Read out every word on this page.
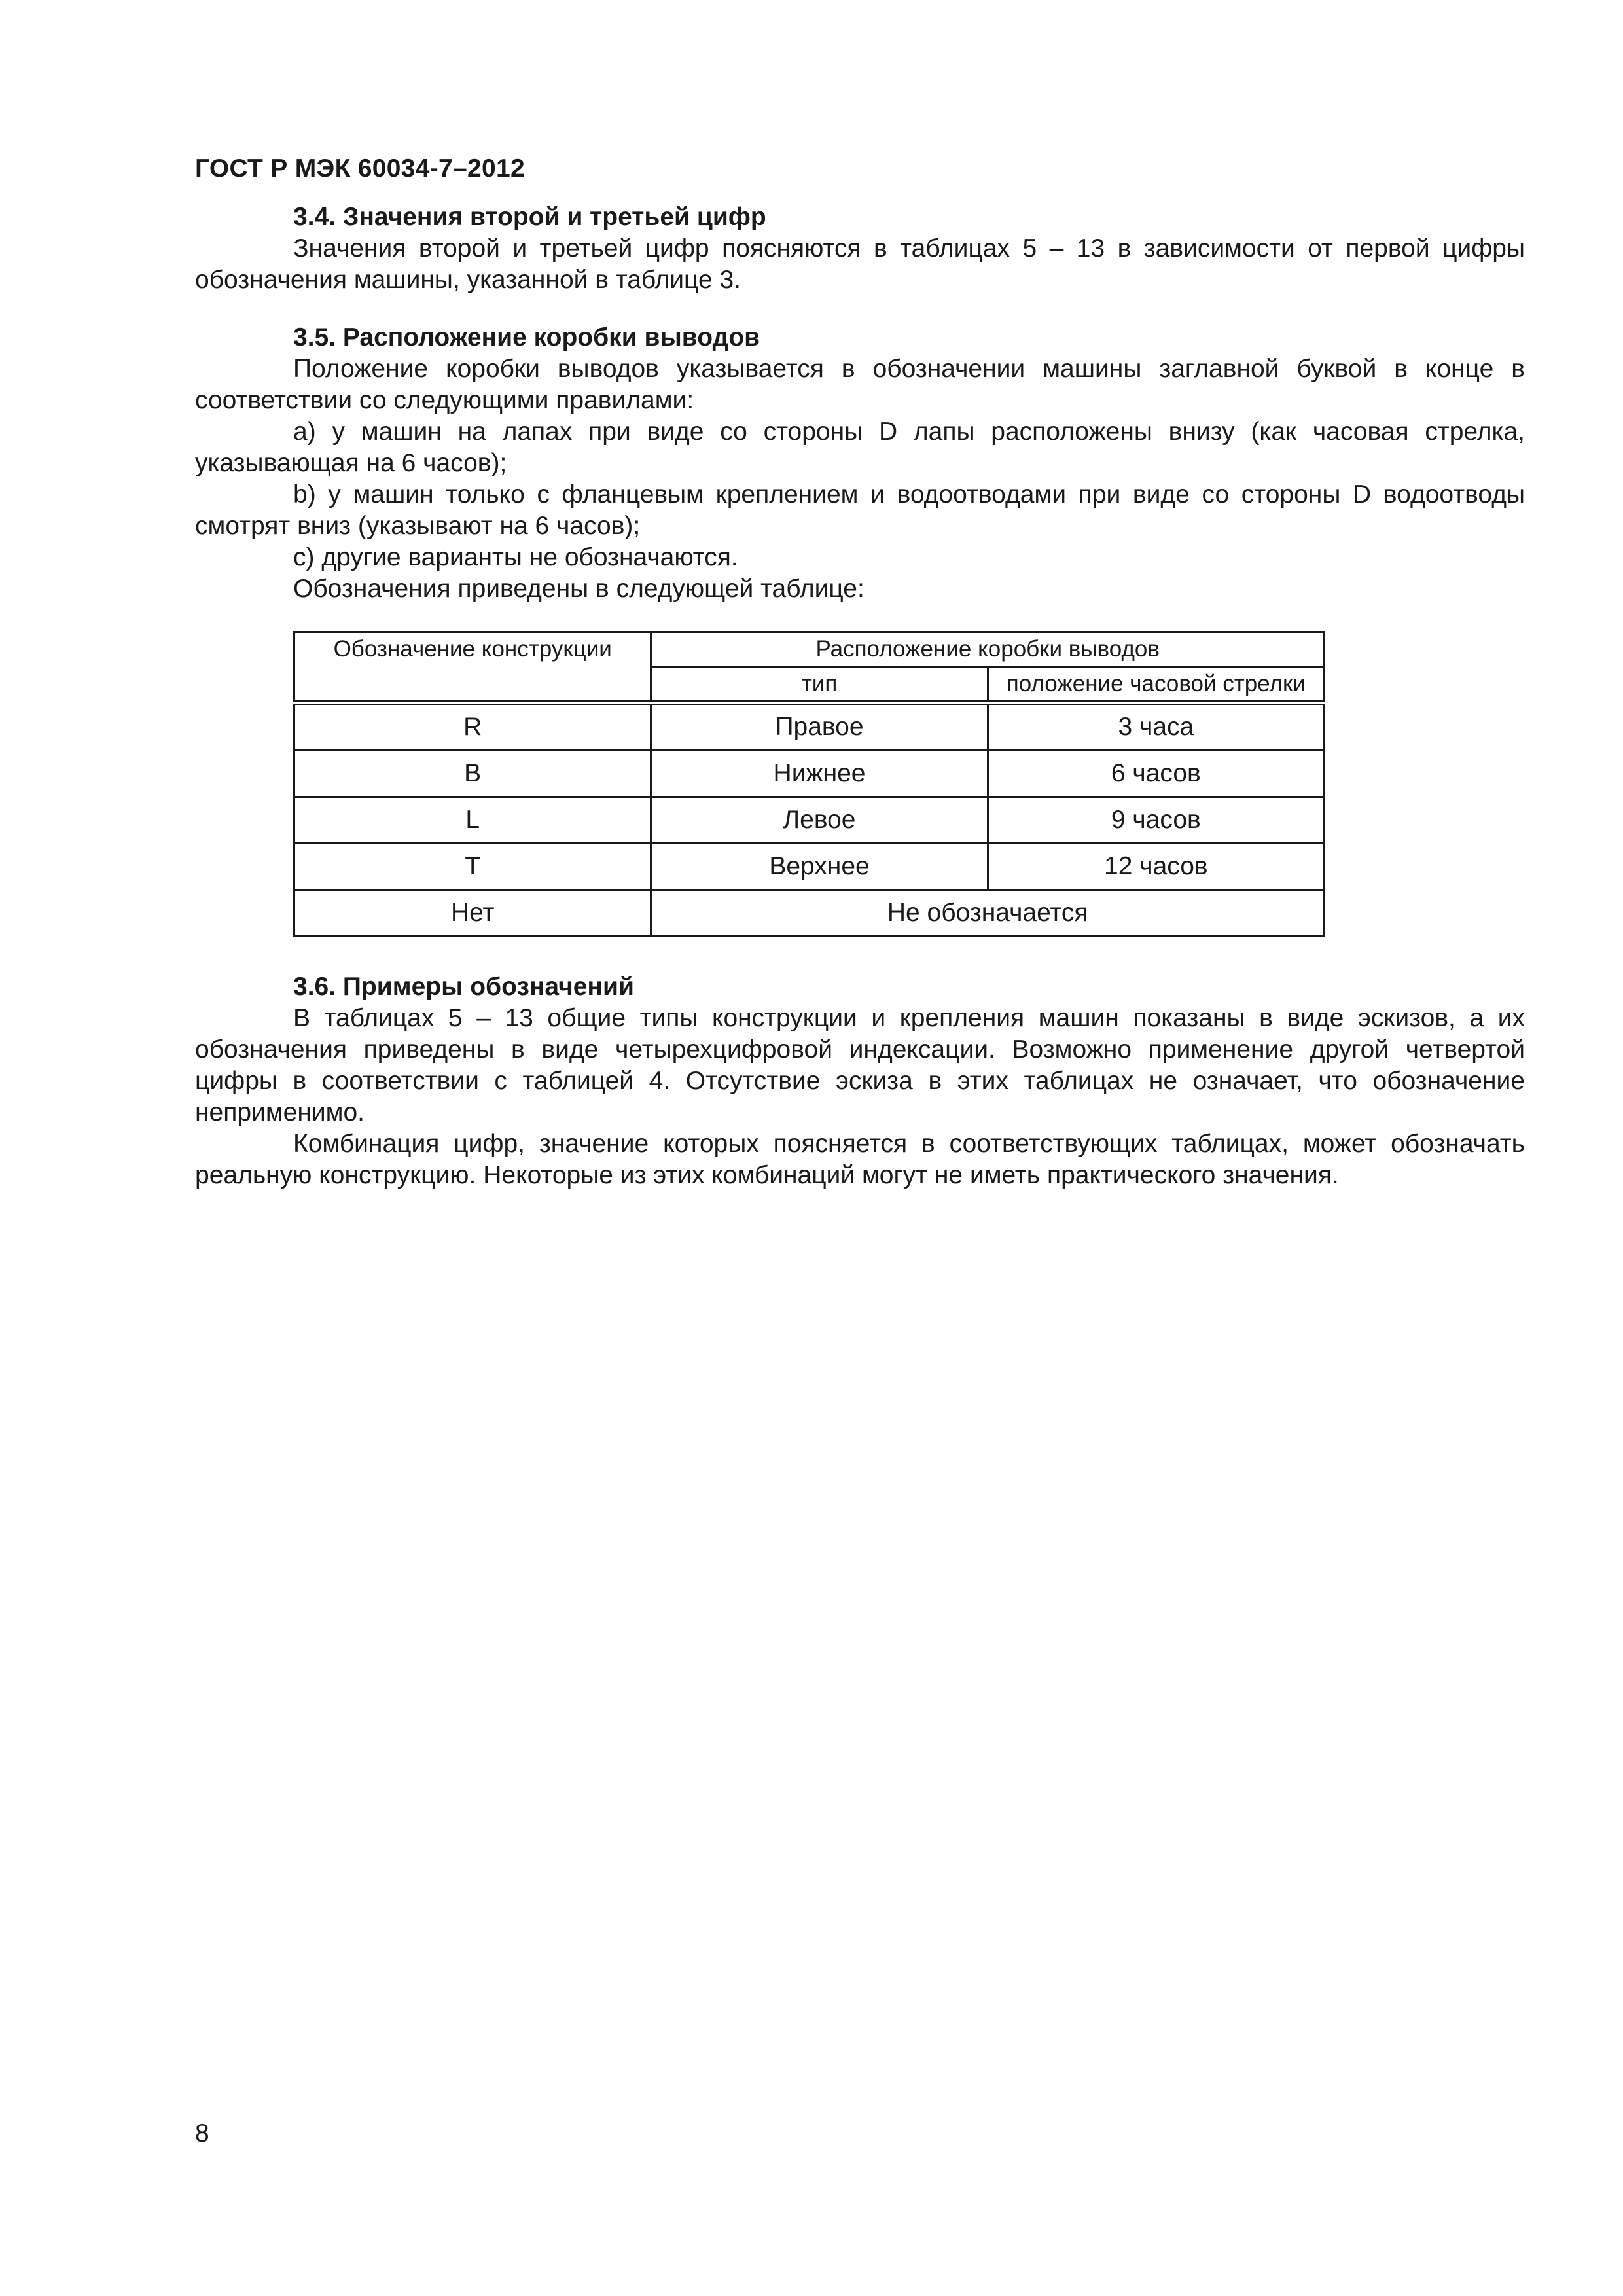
ГОСТ Р МЭК 60034-7–2012

3.4. Значения второй и третьей цифр

Значения второй и третьей цифр поясняются в таблицах 5 – 13 в зависимости от первой цифры обозначения машины, указанной в таблице 3.

3.5. Расположение коробки выводов

Положение коробки выводов указывается в обозначении машины заглавной буквой в конце в соответствии со следующими правилами:

а) у машин на лапах при виде со стороны D лапы расположены внизу (как часовая стрелка, указывающая на 6 часов);

b) у машин только с фланцевым креплением и водоотводами при виде со стороны D водоотводы смотрят вниз (указывают на 6 часов);

с) другие варианты не обозначаются.

Обозначения приведены в следующей таблице:

Обозначение конструкции	Расположение коробки выводов	
	тип	положение часовой стрелки
R	Правое	3 часа
B	Нижнее	6 часов
L	Левое	9 часов
T	Верхнее	12 часов
Нет	Не обозначается	

3.6. Примеры обозначений

В таблицах 5 – 13 общие типы конструкции и крепления машин показаны в виде эскизов, а их обозначения приведены в виде четырехцифровой индексации. Возможно применение другой четвертой цифры в соответствии с таблицей 4. Отсутствие эскиза в этих таблицах не означает, что обозначение неприменимо.

Комбинация цифр, значение которых поясняется в соответствующих таблицах, может обозначать реальную конструкцию. Некоторые из этих комбинаций могут не иметь практического значения.

8
